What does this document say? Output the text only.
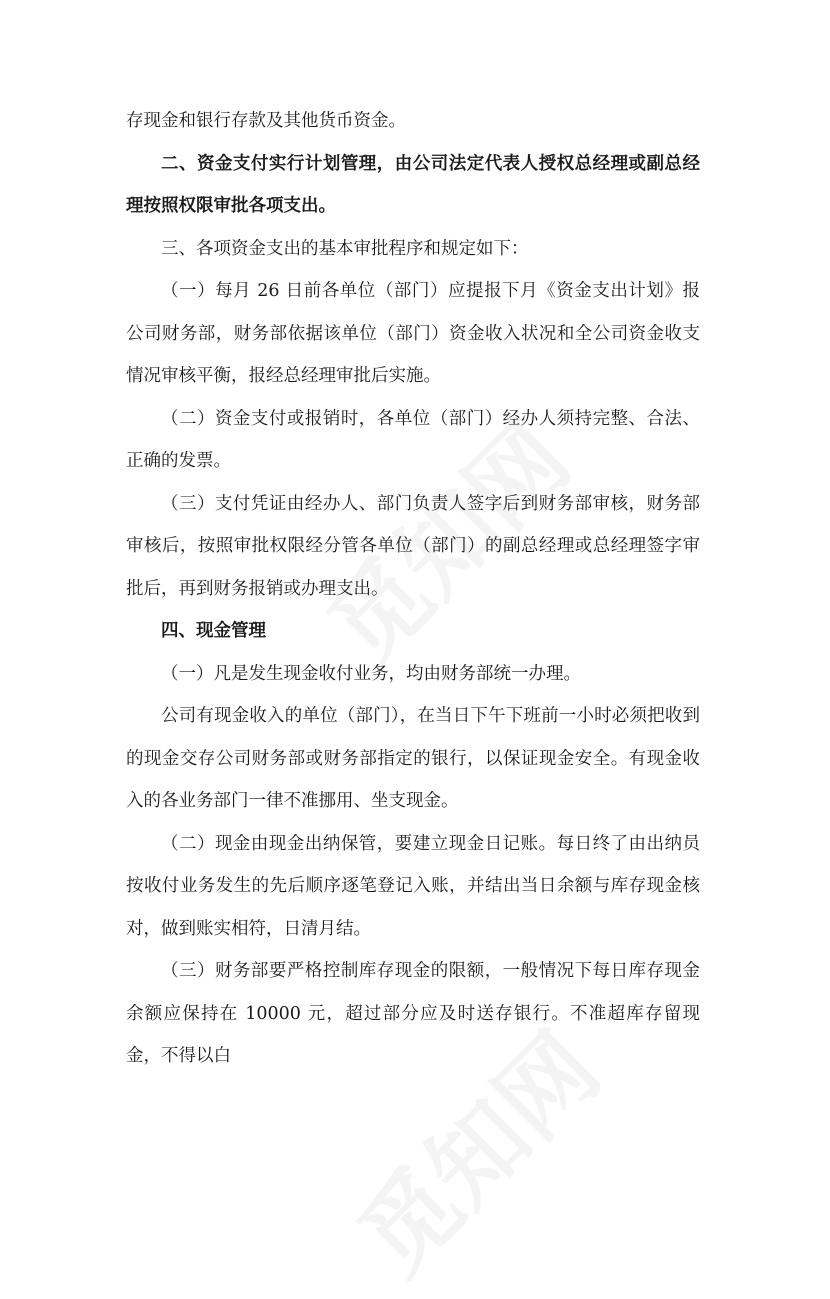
存现金和银行存款及其他货币资金。

二、资金支付实行计划管理，由公司法定代表人授权总经理或副总经理按照权限审批各项支出。

三、各项资金支出的基本审批程序和规定如下：

（一）每月 26 日前各单位（部门）应提报下月《资金支出计划》报公司财务部，财务部依据该单位（部门）资金收入状况和全公司资金收支情况审核平衡，报经总经理审批后实施。

（二）资金支付或报销时，各单位（部门）经办人须持完整、合法、正确的发票。

（三）支付凭证由经办人、部门负责人签字后到财务部审核，财务部审核后，按照审批权限经分管各单位（部门）的副总经理或总经理签字审批后，再到财务报销或办理支出。

四、现金管理

（一）凡是发生现金收付业务，均由财务部统一办理。

公司有现金收入的单位（部门），在当日下午下班前一小时必须把收到的现金交存公司财务部或财务部指定的银行，以保证现金安全。有现金收入的各业务部门一律不准挪用、坐支现金。

（二）现金由现金出纳保管，要建立现金日记账。每日终了由出纳员按收付业务发生的先后顺序逐笔登记入账，并结出当日余额与库存现金核对，做到账实相符，日清月结。

（三）财务部要严格控制库存现金的限额，一般情况下每日库存现金余额应保持在 10000 元，超过部分应及时送存银行。不准超库存留现金，不得以白
